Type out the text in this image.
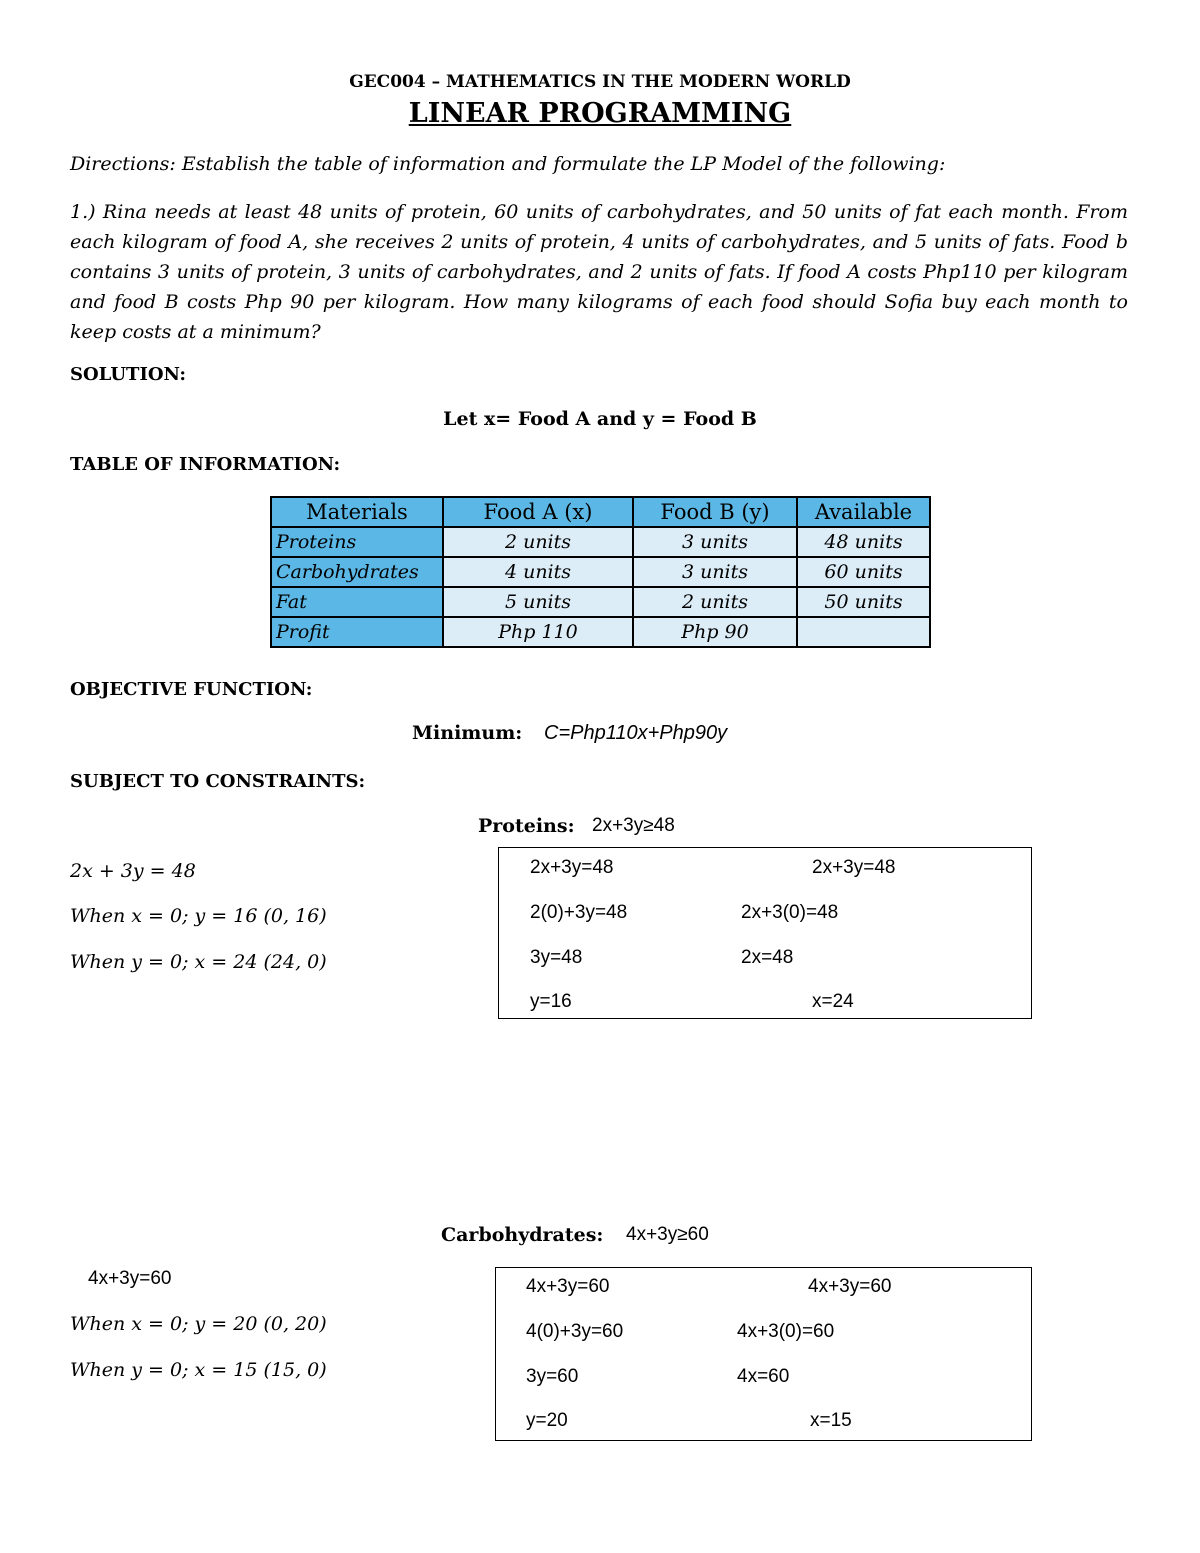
GEC004 – MATHEMATICS IN THE MODERN WORLD
LINEAR PROGRAMMING
Directions: Establish the table of information and formulate the LP Model of the following:
1.) Rina needs at least 48 units of protein, 60 units of carbohydrates, and 50 units of fat each month. From each kilogram of food A, she receives 2 units of protein, 4 units of carbohydrates, and 5 units of fats. Food b contains 3 units of protein, 3 units of carbohydrates, and 2 units of fats. If food A costs Php110 per kilogram and food B costs Php 90 per kilogram. How many kilograms of each food should Sofia buy each month to keep costs at a minimum?
SOLUTION:
Let x= Food A and y = Food B
TABLE OF INFORMATION:
Materials	Food A (x)	Food B (y)	Available
Proteins	2 units	3 units	48 units
Carbohydrates	4 units	3 units	60 units
Fat	5 units	2 units	50 units
Profit	Php 110	Php 90	
OBJECTIVE FUNCTION:
Minimum: C=Php110x+Php90y
SUBJECT TO CONSTRAINTS:
Proteins: 2x+3y≥48
2x + 3y = 48
When x = 0; y = 16 (0, 16)
When y = 0; x = 24 (24, 0)
2x+3y=48
2(0)+3y=48
3y=48
y=16
2x+3y=48
2x+3(0)=48
2x=48
x=24
Carbohydrates: 4x+3y≥60
4x+3y=60
When x = 0; y = 20 (0, 20)
When y = 0; x = 15 (15, 0)
4x+3y=60
4(0)+3y=60
3y=60
y=20
4x+3y=60
4x+3(0)=60
4x=60
x=15
